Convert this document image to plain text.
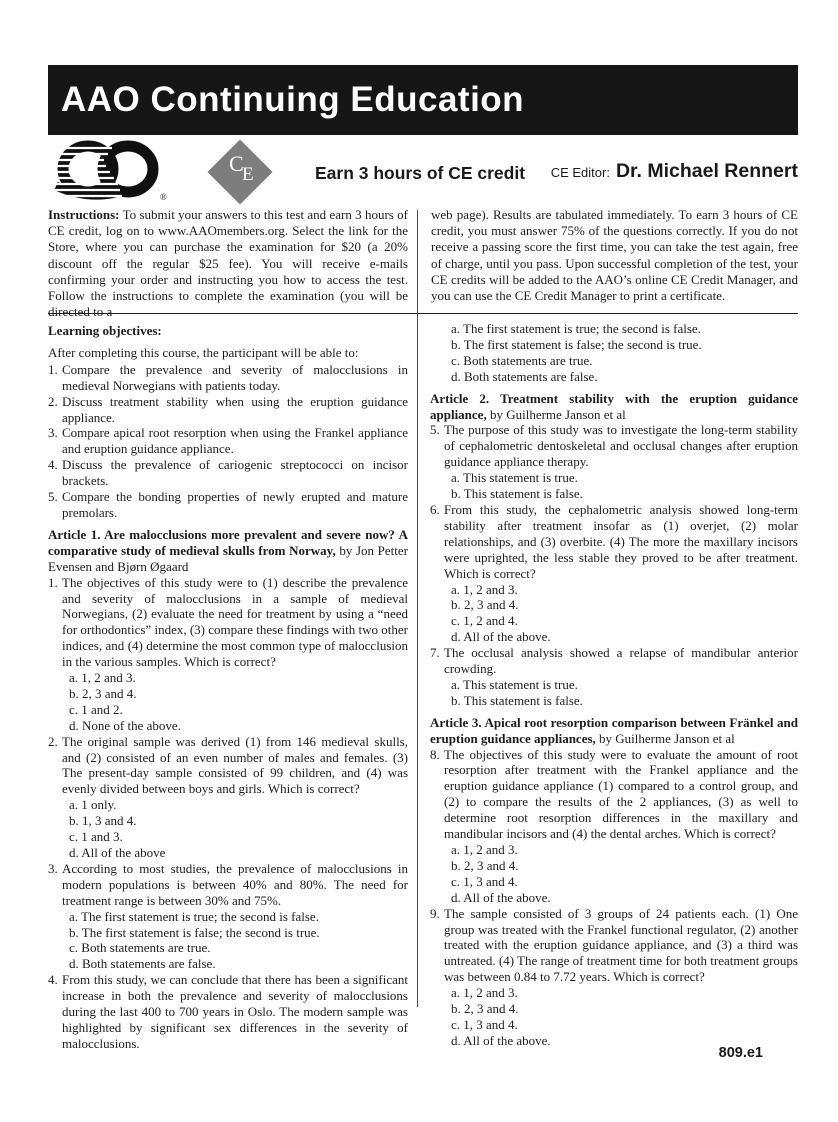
AAO Continuing Education
®
C
E	Earn 3 hours of CE credit CE Editor: Dr. Michael Rennert

Instructions: To submit your answers to this test and earn 3 hours of CE credit, log on to www.AAOmembers.org. Select the link for the Store, where you can purchase the examination for $20 (a 20% discount off the regular $25 fee). You will receive e-mails confirming your order and instructing you how to access the test. Follow the instructions to complete the examination (you will be directed to a

web page). Results are tabulated immediately. To earn 3 hours of CE credit, you must answer 75% of the questions correctly. If you do not receive a passing score the first time, you can take the test again, free of charge, until you pass. Upon successful completion of the test, your CE credits will be added to the AAO’s online CE Credit Manager, and you can use the CE Credit Manager to print a certificate.

Learning objectives:

After completing this course, the participant will be able to:

1. Compare the prevalence and severity of malocclusions in medieval Norwegians with patients today.

2. Discuss treatment stability when using the eruption guidance appliance.

3. Compare apical root resorption when using the Frankel appliance and eruption guidance appliance.

4. Discuss the prevalence of cariogenic streptococci on incisor brackets.

5. Compare the bonding properties of newly erupted and mature premolars.

Article 1. Are malocclusions more prevalent and severe now? A comparative study of medieval skulls from Norway, by Jon Petter Evensen and Bjørn Øgaard

1. The objectives of this study were to (1) describe the prevalence and severity of malocclusions in a sample of medieval Norwegians, (2) evaluate the need for treatment by using a “need for orthodontics” index, (3) compare these findings with two other indices, and (4) determine the most common type of malocclusion in the various samples. Which is correct?

a. 1, 2 and 3.
b. 2, 3 and 4.
c. 1 and 2.
d. None of the above.
2. The original sample was derived (1) from 146 medieval skulls, and (2) consisted of an even number of males and females. (3) The present-day sample consisted of 99 children, and (4) was evenly divided between boys and girls. Which is correct?

a. 1 only.
b. 1, 3 and 4.
c. 1 and 3.
d. All of the above
3. According to most studies, the prevalence of malocclusions in modern populations is between 40% and 80%. The need for treatment range is between 30% and 75%.

a. The first statement is true; the second is false.
b. The first statement is false; the second is true.
c. Both statements are true.
d. Both statements are false.
4. From this study, we can conclude that there has been a significant increase in both the prevalence and severity of malocclusions during the last 400 to 700 years in Oslo. The modern sample was highlighted by significant sex differences in the severity of malocclusions.

a. The first statement is true; the second is false.
b. The first statement is false; the second is true.
c. Both statements are true.
d. Both statements are false.

Article 2. Treatment stability with the eruption guidance appliance, by Guilherme Janson et al

5. The purpose of this study was to investigate the long-term stability of cephalometric dentoskeletal and occlusal changes after eruption guidance appliance therapy.

a. This statement is true.
b. This statement is false.
6. From this study, the cephalometric analysis showed long-term stability after treatment insofar as (1) overjet, (2) molar relationships, and (3) overbite. (4) The more the maxillary incisors were uprighted, the less stable they proved to be after treatment. Which is correct?

a. 1, 2 and 3.
b. 2, 3 and 4.
c. 1, 2 and 4.
d. All of the above.
7. The occlusal analysis showed a relapse of mandibular anterior crowding.

a. This statement is true.
b. This statement is false.

Article 3. Apical root resorption comparison between Fränkel and eruption guidance appliances, by Guilherme Janson et al

8. The objectives of this study were to evaluate the amount of root resorption after treatment with the Frankel appliance and the eruption guidance appliance (1) compared to a control group, and (2) to compare the results of the 2 appliances, (3) as well to determine root resorption differences in the maxillary and mandibular incisors and (4) the dental arches. Which is correct?

a. 1, 2 and 3.
b. 2, 3 and 4.
c. 1, 3 and 4.
d. All of the above.
9. The sample consisted of 3 groups of 24 patients each. (1) One group was treated with the Frankel functional regulator, (2) another treated with the eruption guidance appliance, and (3) a third was untreated. (4) The range of treatment time for both treatment groups was between 0.84 to 7.72 years. Which is correct?

a. 1, 2 and 3.
b. 2, 3 and 4.
c. 1, 3 and 4.
d. All of the above.
809.e1
